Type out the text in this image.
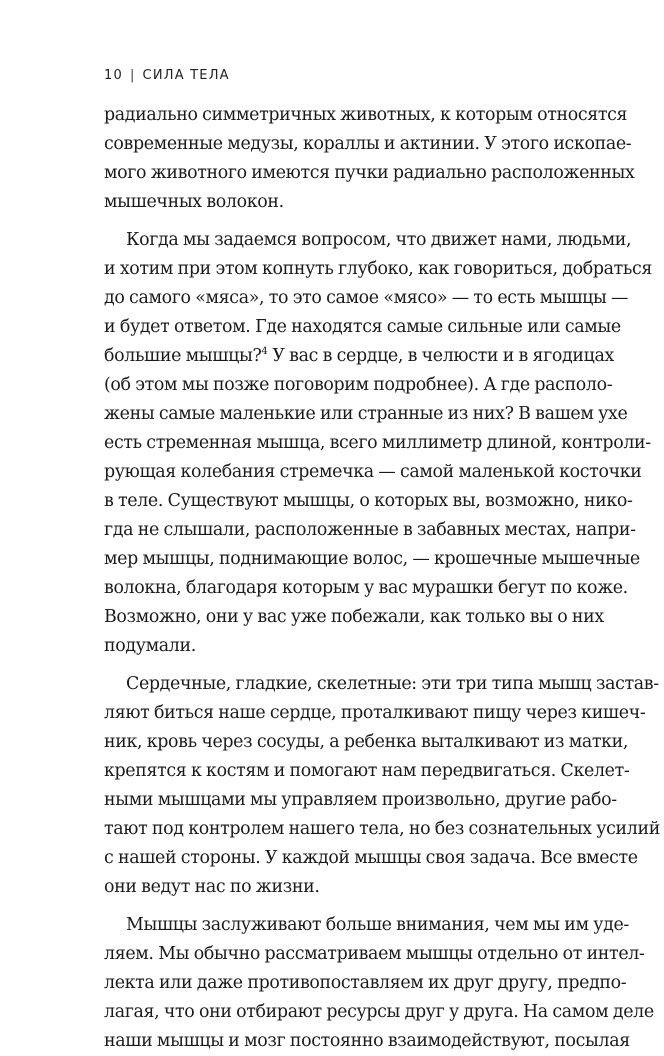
10 | СИЛА ТЕЛА
радиально симметричных животных, к которым относятся
современные медузы, кораллы и актинии. У этого ископае-
мого животного имеются пучки радиально расположенных
мышечных волокон.
Когда мы задаемся вопросом, что движет нами, людьми,
и хотим при этом копнуть глубоко, как говориться, добраться
до самого «мяса», то это самое «мясо» — то есть мышцы —
и будет ответом. Где находятся самые сильные или самые
большие мышцы?$^4$ У вас в сердце, в челюсти и в ягодицах
(об этом мы позже поговорим подробнее). А где располо-
жены самые маленькие или странные из них? В вашем ухе
есть стременная мышца, всего миллиметр длиной, контроли-
рующая колебания стремечка — самой маленькой косточки
в теле. Существуют мышцы, о которых вы, возможно, нико-
гда не слышали, расположенные в забавных местах, напри-
мер мышцы, поднимающие волос, — крошечные мышечные
волокна, благодаря которым у вас мурашки бегут по коже.
Возможно, они у вас уже побежали, как только вы о них
подумали.
Сердечные, гладкие, скелетные: эти три типа мышц застав-
ляют биться наше сердце, проталкивают пищу через кишеч-
ник, кровь через сосуды, а ребенка выталкивают из матки,
крепятся к костям и помогают нам передвигаться. Скелет-
ными мышцами мы управляем произвольно, другие рабо-
тают под контролем нашего тела, но без сознательных усилий
с нашей стороны. У каждой мышцы своя задача. Все вместе
они ведут нас по жизни.
Мышцы заслуживают больше внимания, чем мы им уде-
ляем. Мы обычно рассматриваем мышцы отдельно от интел-
лекта или даже противопоставляем их друг другу, предпо-
лагая, что они отбирают ресурсы друг у друга. На самом деле
наши мышцы и мозг постоянно взаимодействуют, посылая
